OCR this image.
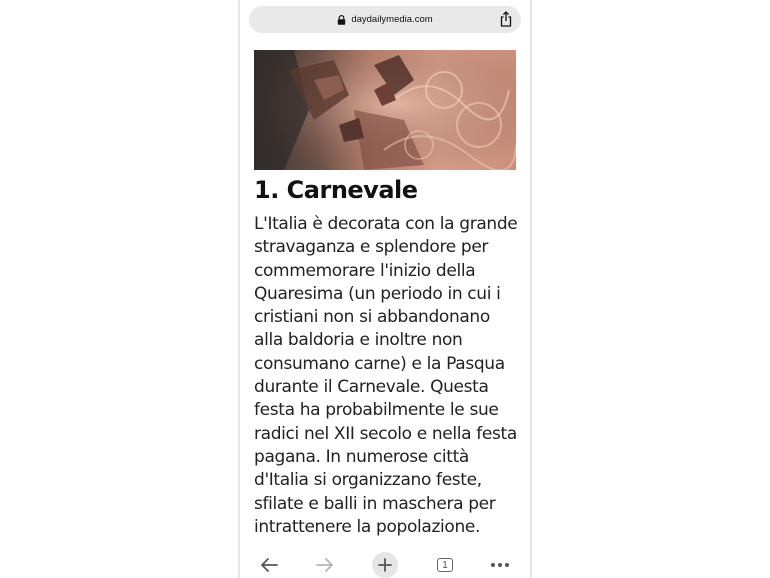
daydailymedia.com
1. Carnevale

L'Italia è decorata con la grande stravaganza e splendore per commemorare l'inizio della Quaresima (un periodo in cui i cristiani non si abbandonano alla baldoria e inoltre non consumano carne) e la Pasqua durante il Carnevale. Questa festa ha probabilmente le sue radici nel XII secolo e nella festa pagana. In numerose città d'Italia si organizzano feste, sfilate e balli in maschera per intrattenere la popolazione.

1
